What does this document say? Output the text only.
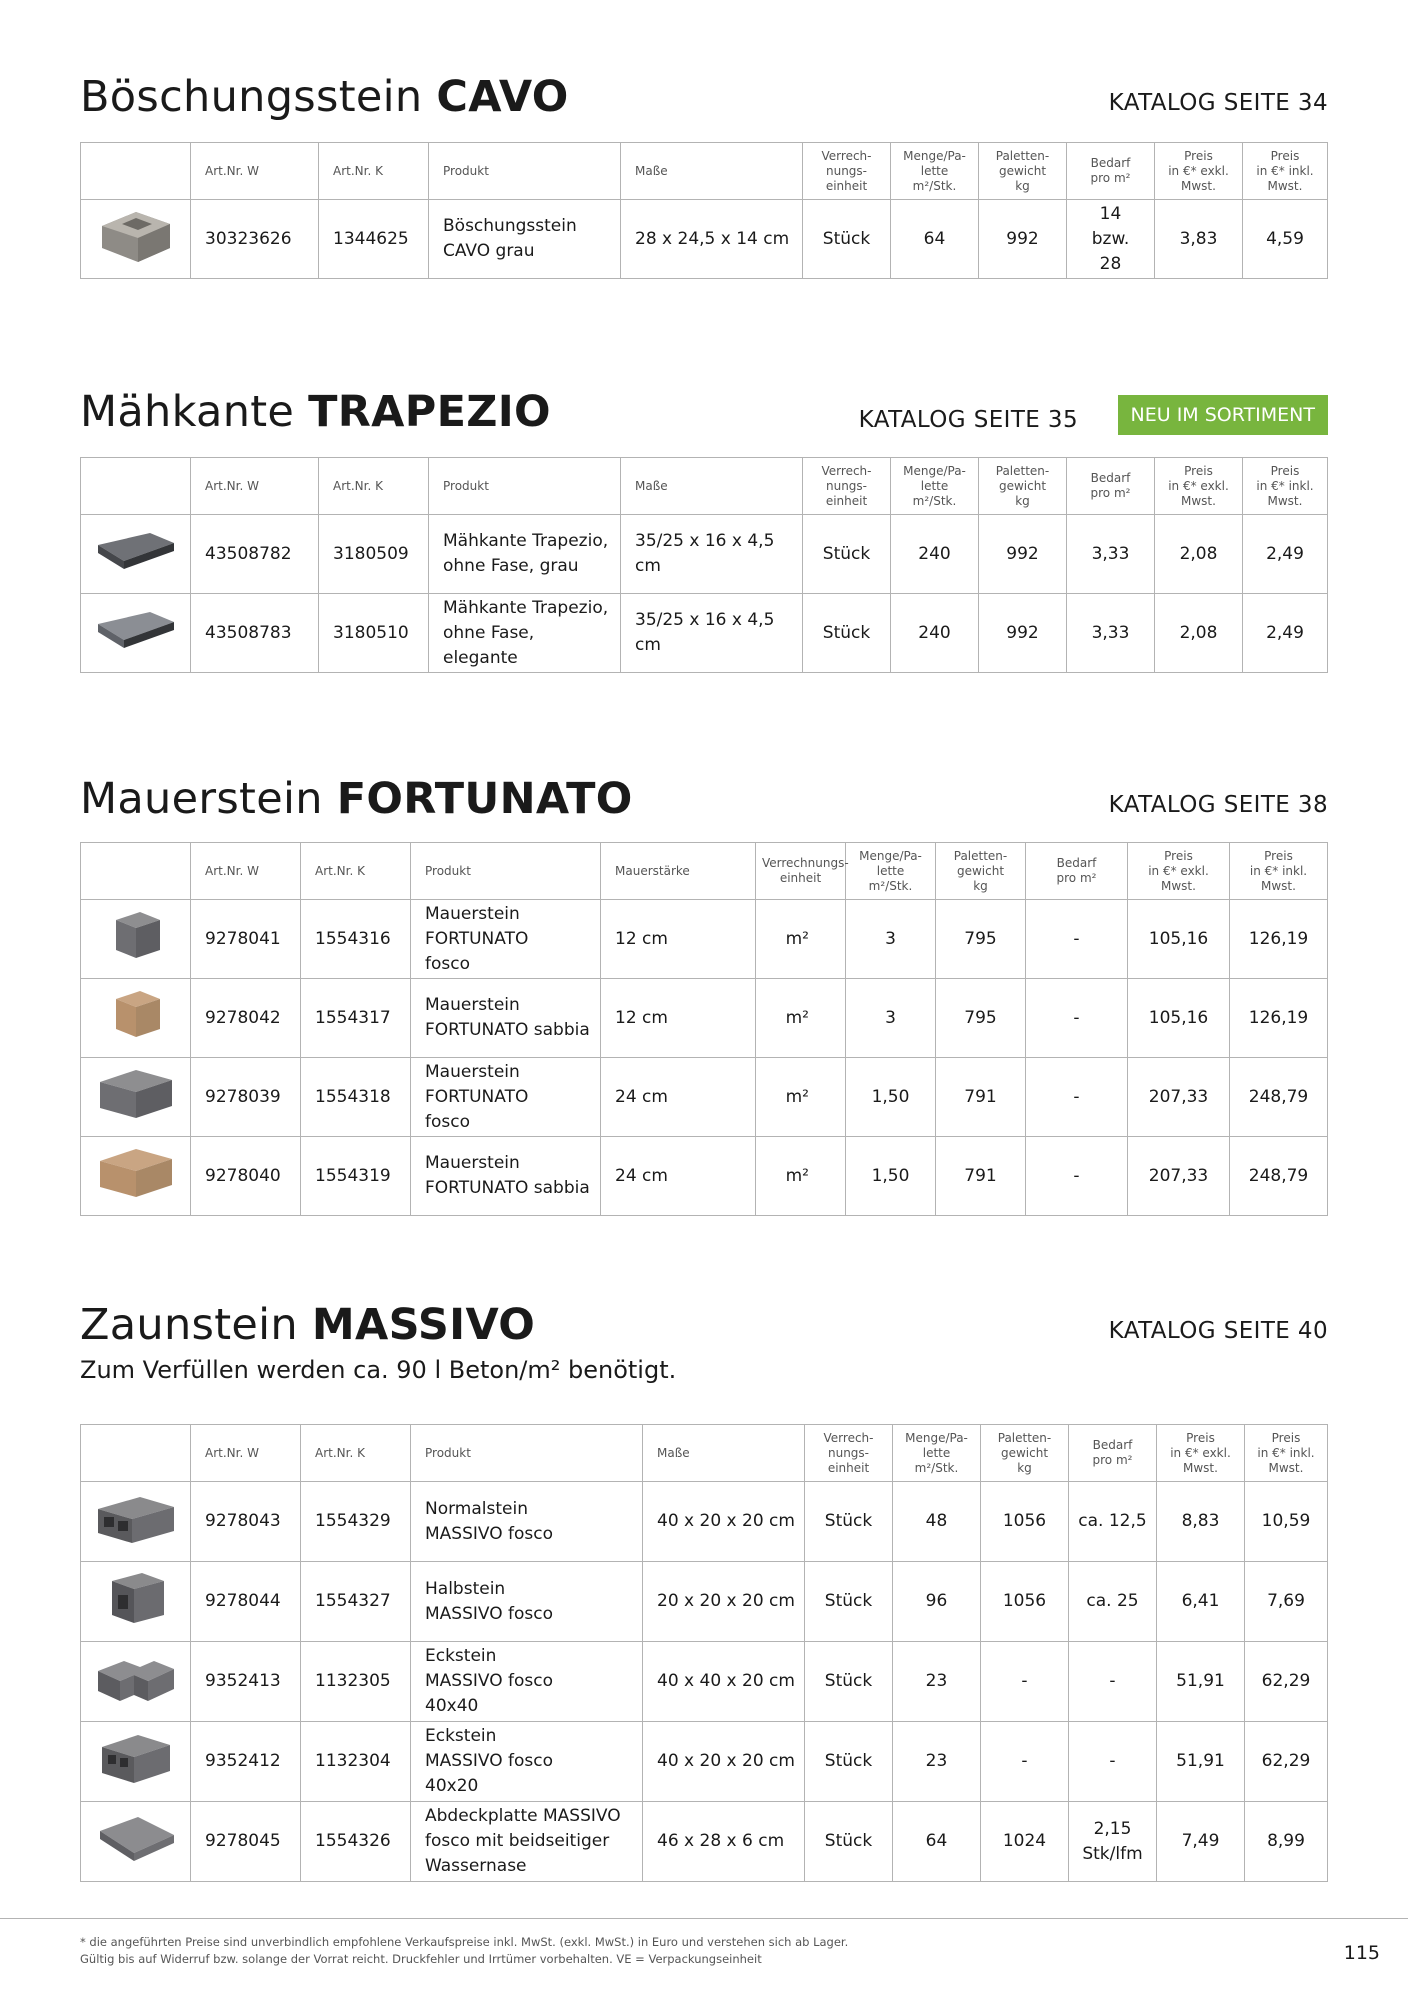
Böschungsstein CAVO	KATALOG SEITE 34
	Art.Nr. W	Art.Nr. K	Produkt	Maße	Verrech-
nungs-
einheit	Menge/Pa-
lette
m²/Stk.	Paletten-
gewicht
kg	Bedarf
pro m²	Preis
in €* exkl.
Mwst.	Preis
in €* inkl.
Mwst.

	30323626	1344625	Böschungsstein
CAVO grau	28 x 24,5 x 14 cm	Stück	64	992	14
bzw.
28	3,83	4,59
Mähkante TRAPEZIO	KATALOG SEITE 35	NEU IM SORTIMENT
	Art.Nr. W	Art.Nr. K	Produkt	Maße	Verrech-
nungs-
einheit	Menge/Pa-
lette
m²/Stk.	Paletten-
gewicht
kg	Bedarf
pro m²	Preis
in €* exkl.
Mwst.	Preis
in €* inkl.
Mwst.

	43508782	3180509	Mähkante Trapezio,
ohne Fase, grau	35/25 x 16 x 4,5 cm	Stück	240	992	3,33	2,08	2,49

	43508783	3180510	Mähkante Trapezio,
ohne Fase, elegante	35/25 x 16 x 4,5 cm	Stück	240	992	3,33	2,08	2,49
Mauerstein FORTUNATO	KATALOG SEITE 38
	Art.Nr. W	Art.Nr. K	Produkt	Mauerstärke	Verrechnungs-
einheit	Menge/Pa-
lette
m²/Stk.	Paletten-
gewicht
kg	Bedarf
pro m²	Preis
in €* exkl.
Mwst.	Preis
in €* inkl.
Mwst.

	9278041	1554316	Mauerstein
FORTUNATO
fosco	12 cm	m²	3	795	-	105,16	126,19

	9278042	1554317	Mauerstein
FORTUNATO sabbia	12 cm	m²	3	795	-	105,16	126,19

	9278039	1554318	Mauerstein
FORTUNATO
fosco	24 cm	m²	1,50	791	-	207,33	248,79

	9278040	1554319	Mauerstein
FORTUNATO sabbia	24 cm	m²	1,50	791	-	207,33	248,79
Zaunstein MASSIVO	KATALOG SEITE 40
Zum Verfüllen werden ca. 90 l Beton/m² benötigt.
	Art.Nr. W	Art.Nr. K	Produkt	Maße	Verrech-
nungs-
einheit	Menge/Pa-
lette
m²/Stk.	Paletten-
gewicht
kg	Bedarf
pro m²	Preis
in €* exkl.
Mwst.	Preis
in €* inkl.
Mwst.

	9278043	1554329	Normalstein
MASSIVO fosco	40 x 20 x 20 cm	Stück	48	1056	ca. 12,5	8,83	10,59

	9278044	1554327	Halbstein
MASSIVO fosco	20 x 20 x 20 cm	Stück	96	1056	ca. 25	6,41	7,69

	9352413	1132305	Eckstein
MASSIVO fosco
40x40	40 x 40 x 20 cm	Stück	23	-	-	51,91	62,29

	9352412	1132304	Eckstein
MASSIVO fosco
40x20	40 x 20 x 20 cm	Stück	23	-	-	51,91	62,29

	9278045	1554326	Abdeckplatte MASSIVO
fosco mit beidseitiger
Wassernase	46 x 28 x 6 cm	Stück	64	1024	2,15
Stk/lfm	7,49	8,99
* die angeführten Preise sind unverbindlich empfohlene Verkaufspreise inkl. MwSt. (exkl. MwSt.) in Euro und verstehen sich ab Lager.
Gültig bis auf Widerruf bzw. solange der Vorrat reicht. Druckfehler und Irrtümer vorbehalten. VE = Verpackungseinheit	115
